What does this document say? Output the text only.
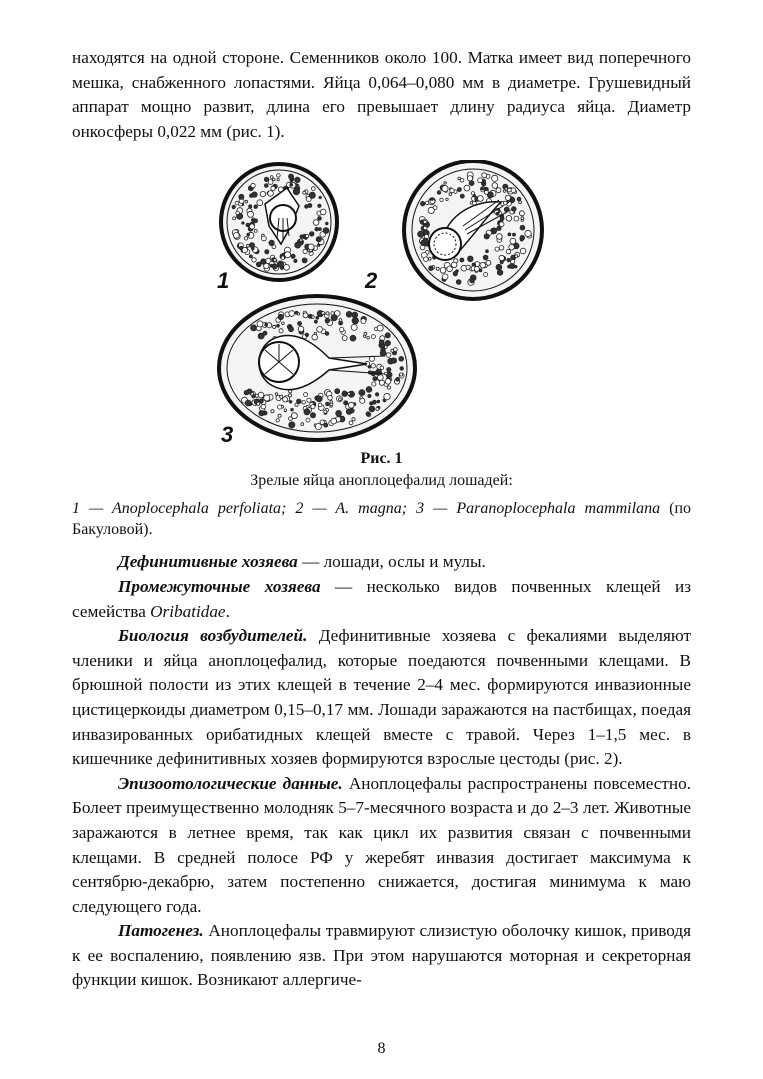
находятся на одной стороне. Семенников около 100. Матка имеет вид поперечного мешка, снабженного лопастями. Яйца 0,064–0,080 мм в диаметре. Грушевидный аппарат мощно развит, длина его превышает длину радиуса яйца. Диаметр онкосферы 0,022 мм (рис. 1).

1	2
3
Рис. 1
Зрелые яйца аноплоцефалид лошадей:
1 — Anoplocephala perfoliata; 2 — A. magna; 3 — Paranoplocephala mammilana (по Бакуловой).

Дефинитивные хозяева — лошади, ослы и мулы.

Промежуточные хозяева — несколько видов почвенных клещей из семейства Oribatidae.

Биология возбудителей. Дефинитивные хозяева с фекалиями выделяют членики и яйца аноплоцефалид, которые поедаются почвенными клещами. В брюшной полости из этих клещей в течение 2–4 мес. формируются инвазионные цистицеркоиды диаметром 0,15–0,17 мм. Лошади заражаются на пастбищах, поедая инвазированных орибатидных клещей вместе с травой. Через 1–1,5 мес. в кишечнике дефинитивных хозяев формируются взрослые цестоды (рис. 2).

Эпизоотологические данные. Аноплоцефалы распространены повсеместно. Болеет преимущественно молодняк 5–7-месячного возраста и до 2–3 лет. Животные заражаются в летнее время, так как цикл их развития связан с почвенными клещами. В средней полосе РФ у жеребят инвазия достигает максимума к сентябрю-декабрю, затем постепенно снижается, достигая минимума к маю следующего года.

Патогенез. Аноплоцефалы травмируют слизистую оболочку кишок, приводя к ее воспалению, появлению язв. При этом нарушаются моторная и секреторная функции кишок. Возникают аллергиче-

8
